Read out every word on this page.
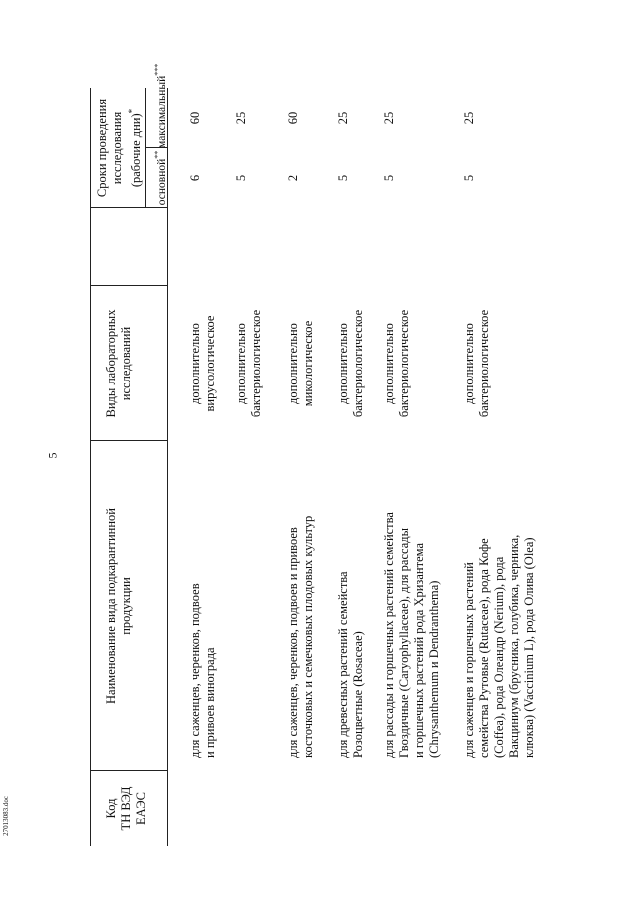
5
27013083.doc	Код ТН ВЭД ЕАЭС
Наименование вида подкарантинной продукции
Виды лабораторных исследований
Сроки проведения исследования (рабочие дни)*
основной**
максимальный***
для саженцев, черенков, подвоев и привоев винограда
дополнительно вирусологическое
6
60
дополнительно бактериологическое
5
25
для саженцев, черенков, подвоев и привоев косточковых и семечковых плодовых культур
дополнительно микологическое
2
60
для древесных растений семейства Розоцветные (Rosaceae)
дополнительно бактериологическое
5
25
для рассады и горшечных растений семейства Гвоздичные (Caryophyllaceae), для рассады и горшечных растений рода Хризантема (Chrysanthemum и Dendranthema)
дополнительно бактериологическое
5
25
для саженцев и горшечных растений семейства Рутовые (Rutaceae), рода Кофе (Coffea), рода Олеандр (Nerium), рода Вакциниум (брусника, голубика, черника, клюква) (Vaccinium L), рода Олива (Olea)
дополнительно бактериологическое
5
25
